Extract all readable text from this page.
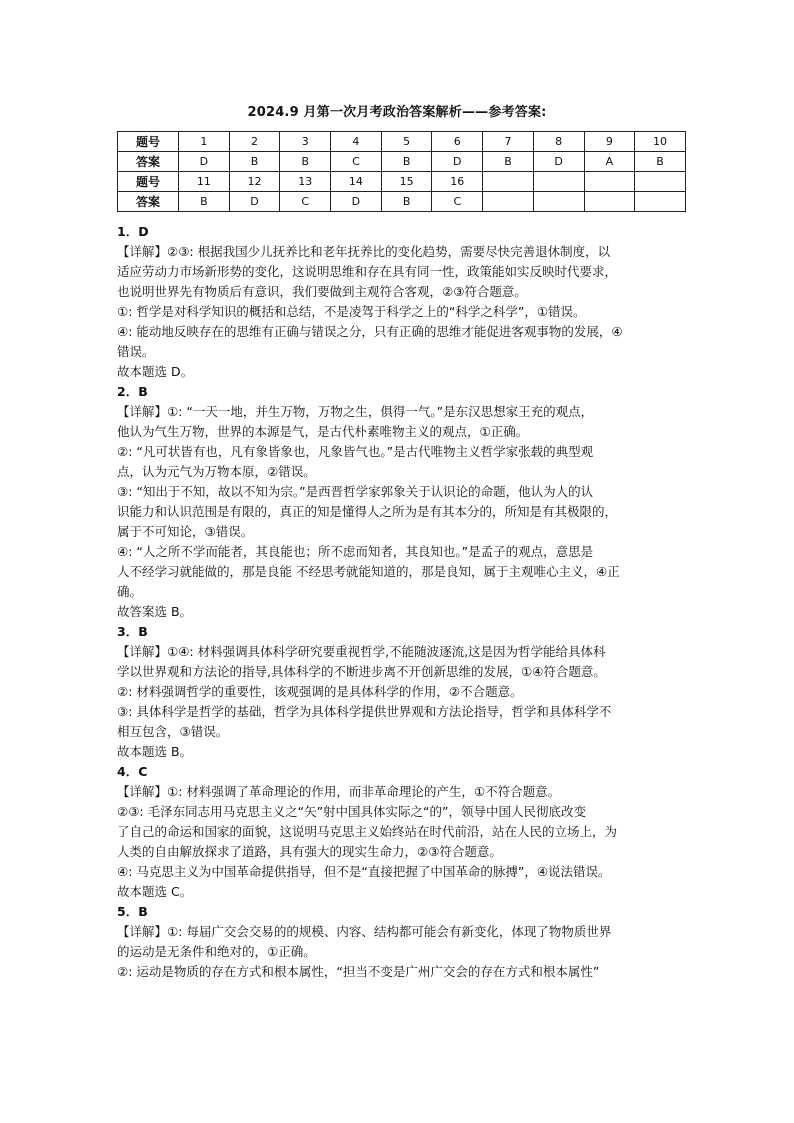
2024.9 月第一次月考政治答案解析——参考答案:
题号	1	2	3	4	5	6	7	8	9	10
答案	D	B	B	C	B	D	B	D	A	B
题号	11	12	13	14	15	16				
答案	B	D	C	D	B	C				

1．D

【详解】②③: 根据我国少儿抚养比和老年抚养比的变化趋势，需要尽快完善退休制度，以

适应劳动力市场新形势的变化，这说明思维和存在具有同一性，政策能如实反映时代要求，

也说明世界先有物质后有意识，我们要做到主观符合客观，②③符合题意。

①: 哲学是对科学知识的概括和总结，不是凌驾于科学之上的“科学之科学”，①错误。

④: 能动地反映存在的思维有正确与错误之分，只有正确的思维才能促进客观事物的发展，④

错误。

故本题选 D。

2．B

【详解】①: “一天一地，并生万物，万物之生，俱得一气。”是东汉思想家王充的观点，

他认为气生万物，世界的本源是气，是古代朴素唯物主义的观点，①正确。

②: “凡可状皆有也，凡有象皆象也，凡象皆气也。”是古代唯物主义哲学家张载的典型观

点，认为元气为万物本原，②错误。

③: “知出于不知，故以不知为宗。”是西晋哲学家郭象关于认识论的命题，他认为人的认

识能力和认识范围是有限的，真正的知是懂得人之所为是有其本分的，所知是有其极限的，

属于不可知论，③错误。

④: “人之所不学而能者，其良能也；所不虑而知者，其良知也。”是孟子的观点，意思是

人不经学习就能做的，那是良能 不经思考就能知道的，那是良知，属于主观唯心主义，④正

确。

故答案选 B。

3．B

【详解】①④: 材料强调具体科学研究要重视哲学,不能随波逐流,这是因为哲学能给具体科

学以世界观和方法论的指导,具体科学的不断进步离不开创新思维的发展，①④符合题意。

②: 材料强调哲学的重要性，该观强调的是具体科学的作用，②不合题意。

③: 具体科学是哲学的基础，哲学为具体科学提供世界观和方法论指导，哲学和具体科学不

相互包含，③错误。

故本题选 B。

4．C

【详解】①: 材料强调了革命理论的作用，而非革命理论的产生，①不符合题意。

②③: 毛泽东同志用马克思主义之“矢”射中国具体实际之“的”，领导中国人民彻底改变

了自己的命运和国家的面貌，这说明马克思主义始终站在时代前沿，站在人民的立场上，为

人类的自由解放探求了道路，具有强大的现实生命力，②③符合题意。

④: 马克思主义为中国革命提供指导，但不是“直接把握了中国革命的脉搏”，④说法错误。

故本题选 C。

5．B

【详解】①: 每届广交会交易的的规模、内容、结构都可能会有新变化，体现了物物质世界

的运动是无条件和绝对的，①正确。

②: 运动是物质的存在方式和根本属性，“担当不变是广州广交会的存在方式和根本属性”
